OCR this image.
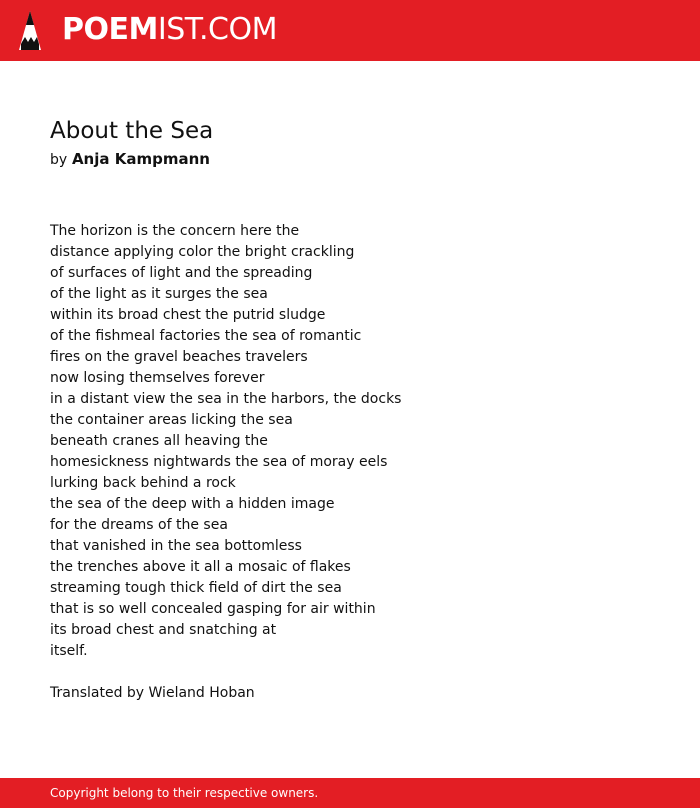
POEMIST.COM
About the Sea
by Anja Kampmann
The horizon is the concern here the
distance applying color the bright crackling
of surfaces of light and the spreading
of the light as it surges the sea
within its broad chest the putrid sludge
of the fishmeal factories the sea of romantic
fires on the gravel beaches travelers
now losing themselves forever
in a distant view the sea in the harbors, the docks
the container areas licking the sea
beneath cranes all heaving the
homesickness nightwards the sea of moray eels
lurking back behind a rock
the sea of the deep with a hidden image
for the dreams of the sea
that vanished in the sea bottomless
the trenches above it all a mosaic of flakes
streaming tough thick field of dirt the sea
that is so well concealed gasping for air within
its broad chest and snatching at
itself.
Translated by Wieland Hoban
Copyright belong to their respective owners.
